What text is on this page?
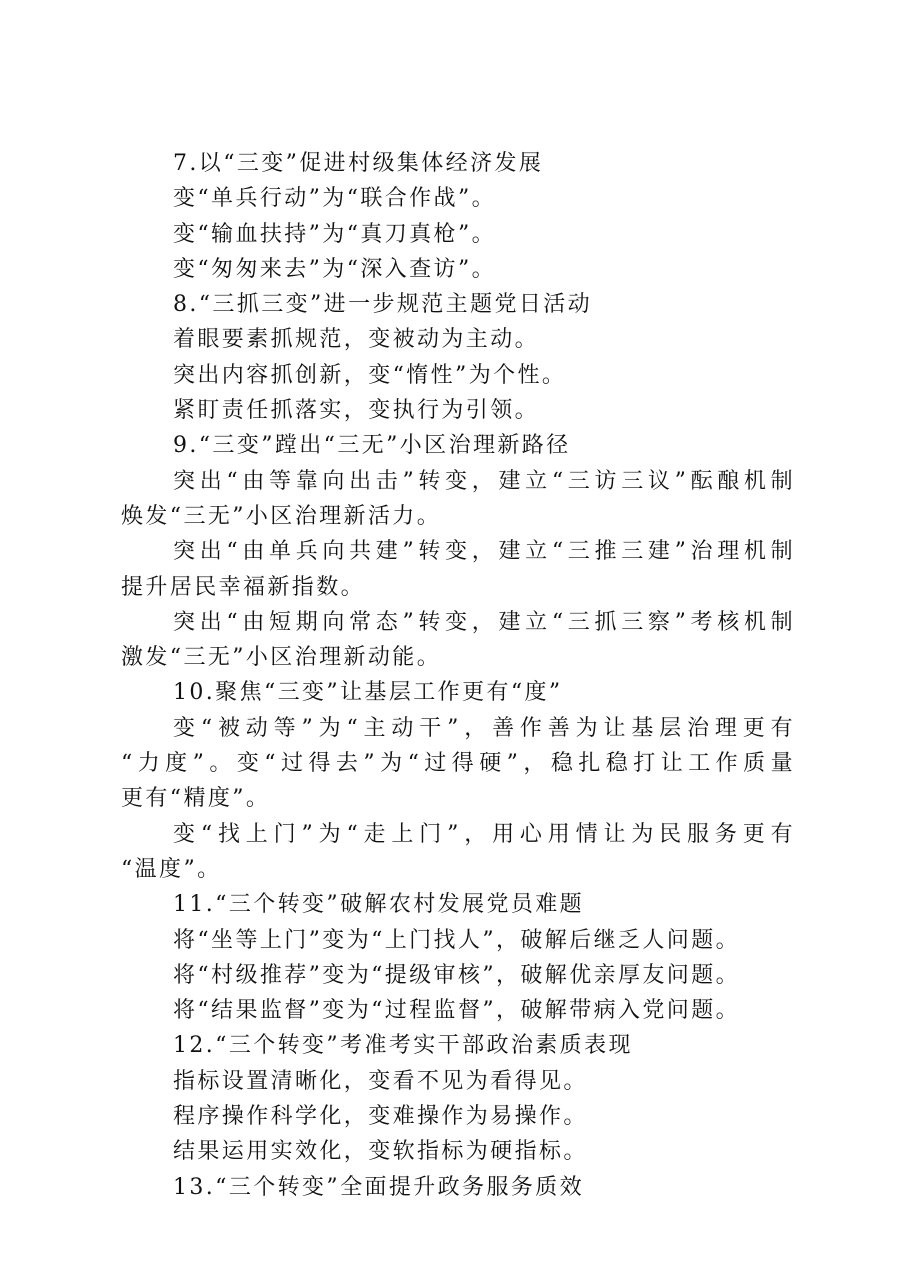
7.以“三变”促进村级集体经济发展
变“单兵行动”为“联合作战”。
变“输血扶持”为“真刀真枪”。
变“匆匆来去”为“深入查访”。
8.“三抓三变”进一步规范主题党日活动
着眼要素抓规范，变被动为主动。
突出内容抓创新，变“惰性”为个性。
紧盯责任抓落实，变执行为引领。
9.“三变”蹚出“三无”小区治理新路径
突出“由等靠向出击”转变，建立“三访三议”酝酿机制
焕发“三无”小区治理新活力。
突出“由单兵向共建”转变，建立“三推三建”治理机制
提升居民幸福新指数。
突出“由短期向常态”转变，建立“三抓三察”考核机制
激发“三无”小区治理新动能。
10.聚焦“三变”让基层工作更有“度”
变“被动等”为“主动干”，善作善为让基层治理更有
“力度”。变“过得去”为“过得硬”，稳扎稳打让工作质量
更有“精度”。
变“找上门”为“走上门”，用心用情让为民服务更有
“温度”。
11.“三个转变”破解农村发展党员难题
将“坐等上门”变为“上门找人”，破解后继乏人问题。
将“村级推荐”变为“提级审核”，破解优亲厚友问题。
将“结果监督”变为“过程监督”，破解带病入党问题。
12.“三个转变”考准考实干部政治素质表现
指标设置清晰化，变看不见为看得见。
程序操作科学化，变难操作为易操作。
结果运用实效化，变软指标为硬指标。
13.“三个转变”全面提升政务服务质效
